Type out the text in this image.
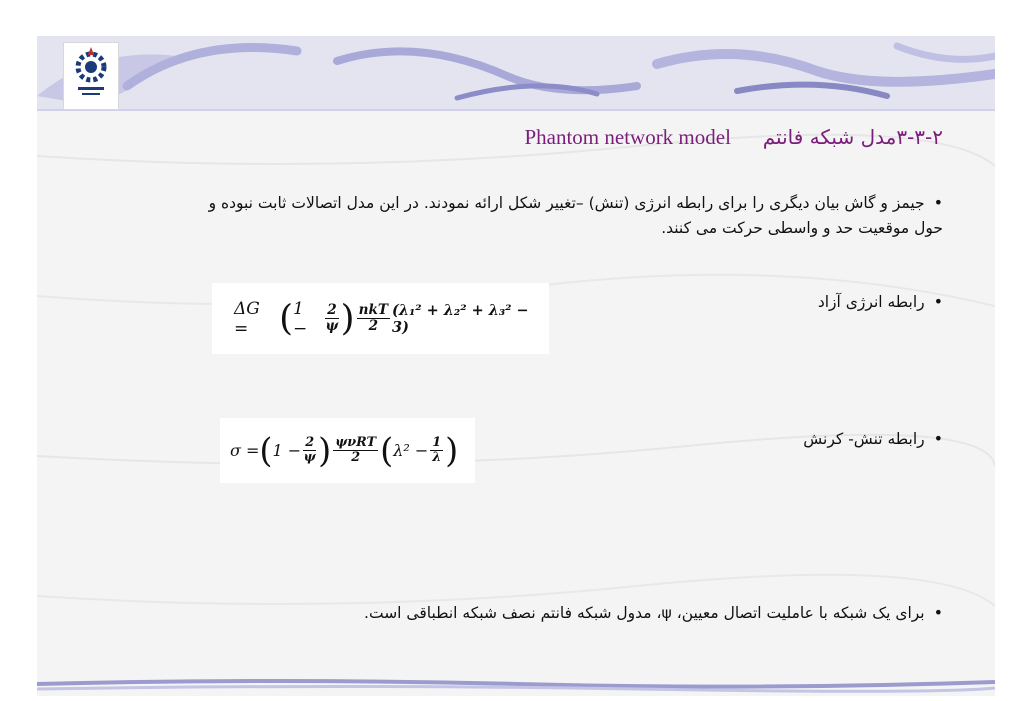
۳-۳-۲مدل شبکه فانتم     Phantom network model
• جیمز و گاش بیان دیگری را برای رابطه انرژی (تنش) –تغییر شکل ارائه نمودند. در این مدل اتصالات ثابت نبوده و
حول موقعیت حد و واسطی حرکت می کنند.
• رابطه انرژی آزاد
• رابطه تنش- کرنش
ΔG = ( 1 −	$\frac{2}{\psi}$ ) $\frac{\text{nkT}}{2} (\lambda_1^2 + \lambda_2^2 + \lambda_3^2 - 3)$
σ = ( $1 - \frac{2}{\psi}$ ) $\frac{\text{ψνRT}}{2}$ ( $\lambda^2 - \frac{1}{\lambda}$ )
• برای یک شبکه با عاملیت اتصال معیین، ψ، مدول شبکه فانتم نصف شبکه انطباقی است.
